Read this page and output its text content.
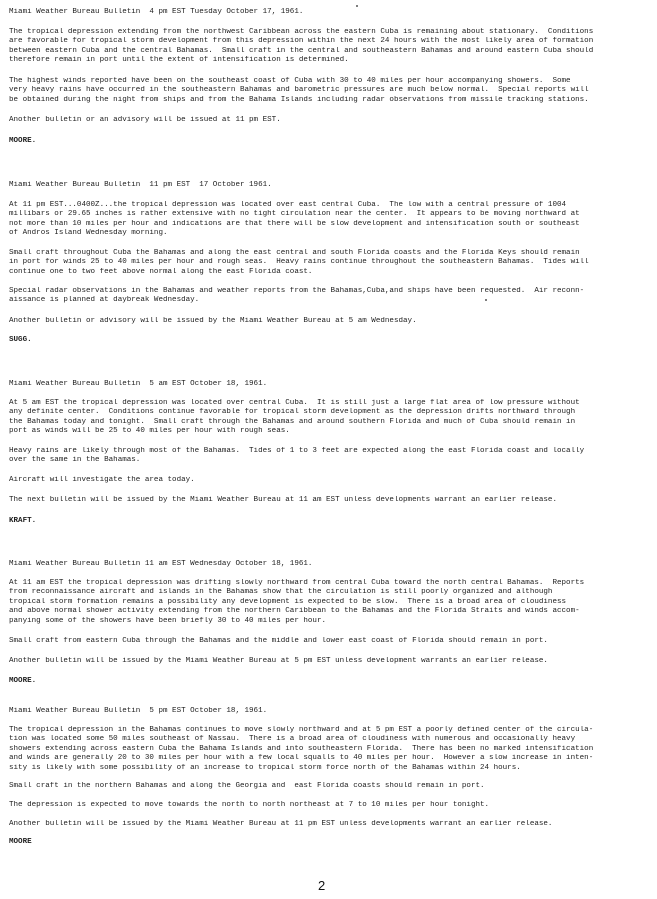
Miami Weather Bureau Bulletin  4 pm EST Tuesday October 17, 1961.
The tropical depression extending from the northwest Caribbean across the eastern Cuba is remaining about stationary.  Conditions
are favorable for tropical storm development from this depression within the next 24 hours with the most likely area of formation
between eastern Cuba and the central Bahamas.  Small craft in the central and southeastern Bahamas and around eastern Cuba should
therefore remain in port until the extent of intensification is determined.
The highest winds reported have been on the southeast coast of Cuba with 30 to 40 miles per hour accompanying showers.  Some
very heavy rains have occurred in the southeastern Bahamas and barometric pressures are much below normal.  Special reports will
be obtained during the night from ships and from the Bahama Islands including radar observations from missile tracking stations.
Another bulletin or an advisory will be issued at 11 pm EST.
MOORE.
Miami Weather Bureau Bulletin  11 pm EST  17 October 1961.
At 11 pm EST...0400Z...the tropical depression was located over east central Cuba.  The low with a central pressure of 1004
millibars or 29.65 inches is rather extensive with no tight circulation near the center.  It appears to be moving northward at
not more than 10 miles per hour and indications are that there will be slow development and intensification south or southeast
of Andros Island Wednesday morning.
Small craft throughout Cuba the Bahamas and along the east central and south Florida coasts and the Florida Keys should remain
in port for winds 25 to 40 miles per hour and rough seas.  Heavy rains continue throughout the southeastern Bahamas.  Tides will
continue one to two feet above normal along the east Florida coast.
Special radar observations in the Bahamas and weather reports from the Bahamas,Cuba,and ships have been requested.  Air reconn-
aissance is planned at daybreak Wednesday.
Another bulletin or advisory will be issued by the Miami Weather Bureau at 5 am Wednesday.
SUGG.
Miami Weather Bureau Bulletin  5 am EST October 18, 1961.
At 5 am EST the tropical depression was located over central Cuba.  It is still just a large flat area of low pressure without
any definite center.  Conditions continue favorable for tropical storm development as the depression drifts northward through
the Bahamas today and tonight.  Small craft through the Bahamas and around southern Florida and much of Cuba should remain in
port as winds will be 25 to 40 miles per hour with rough seas.
Heavy rains are likely through most of the Bahamas.  Tides of 1 to 3 feet are expected along the east Florida coast and locally
over the same in the Bahamas.
Aircraft will investigate the area today.
The next bulletin will be issued by the Miami Weather Bureau at 11 am EST unless developments warrant an earlier release.
KRAFT.
Miami Weather Bureau Bulletin 11 am EST Wednesday October 18, 1961.
At 11 am EST the tropical depression was drifting slowly northward from central Cuba toward the north central Bahamas.  Reports
from reconnaissance aircraft and islands in the Bahamas show that the circulation is still poorly organized and although
tropical storm formation remains a possibility any development is expected to be slow.  There is a broad area of cloudiness
and above normal shower activity extending from the northern Caribbean to the Bahamas and the Florida Straits and winds accom-
panying some of the showers have been briefly 30 to 40 miles per hour.
Small craft from eastern Cuba through the Bahamas and the middle and lower east coast of Florida should remain in port.
Another bulletin will be issued by the Miami Weather Bureau at 5 pm EST unless development warrants an earlier release.
MOORE.
Miami Weather Bureau Bulletin  5 pm EST October 18, 1961.
The tropical depression in the Bahamas continues to move slowly northward and at 5 pm EST a poorly defined center of the circula-
tion was located some 50 miles southeast of Nassau.  There is a broad area of cloudiness with numerous and occasionally heavy
showers extending across eastern Cuba the Bahama Islands and into southeastern Florida.  There has been no marked intensification
and winds are generally 20 to 30 miles per hour with a few local squalls to 40 miles per hour.  However a slow increase in inten-
sity is likely with some possibility of an increase to tropical storm force north of the Bahamas within 24 hours.
Small craft in the northern Bahamas and along the Georgia and  east Florida coasts should remain in port.
The depression is expected to move towards the north to north northeast at 7 to 10 miles per hour tonight.
Another bulletin will be issued by the Miami Weather Bureau at 11 pm EST unless developments warrant an earlier release.
MOORE
2
